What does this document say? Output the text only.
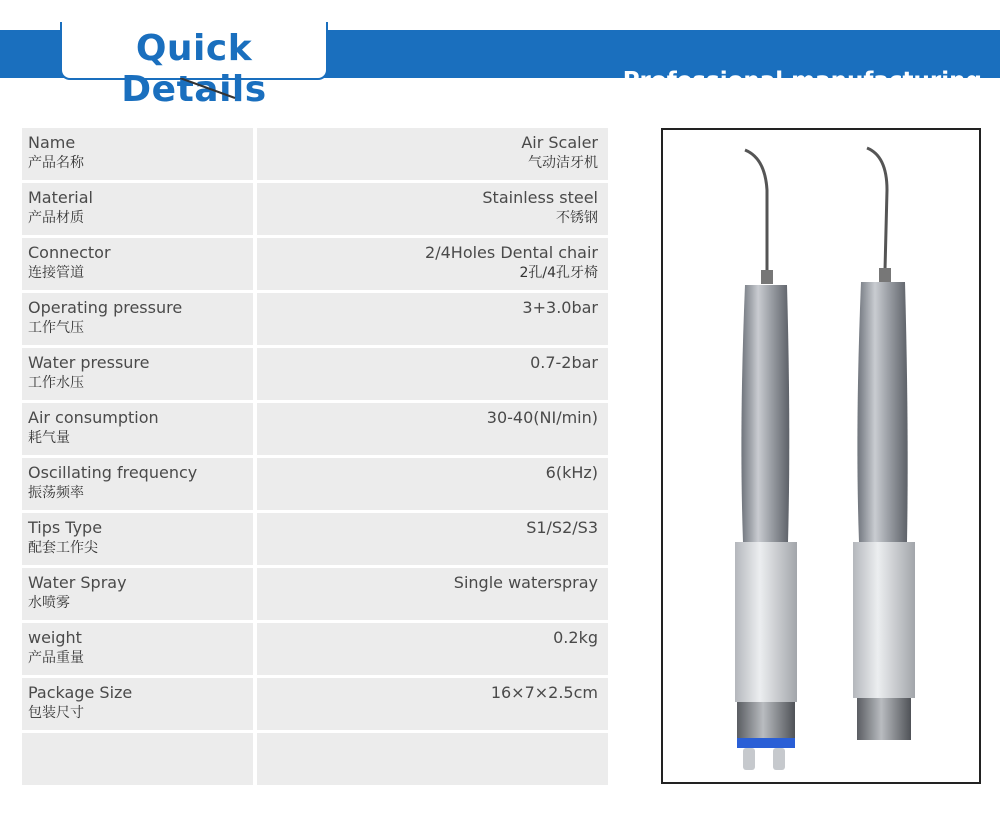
Professional manufacturing
Quick Details
Name
产品名称
Air Scaler
气动洁牙机
Material
产品材质
Stainless steel
不锈钢
Connector
连接管道
2/4Holes Dental chair
2孔/4孔牙椅
Operating pressure
工作气压
3+3.0bar
Water pressure
工作水压
0.7-2bar
Air consumption
耗气量
30-40(NI/min)
Oscillating frequency
振荡频率
6(kHz)
Tips Type
配套工作尖
S1/S2/S3
Water Spray
水喷雾
Single waterspray
weight
产品重量
0.2kg
Package Size
包装尺寸
16×7×2.5cm
